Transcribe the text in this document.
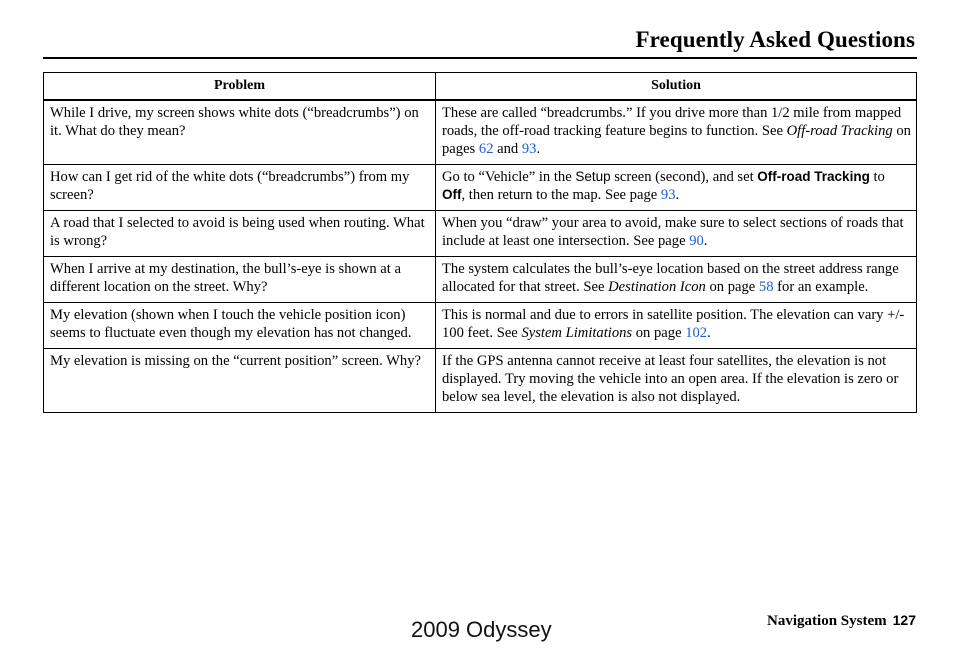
Frequently Asked Questions
Problem	Solution
While I drive, my screen shows white dots (“breadcrumbs”) on it. What do they mean?	These are called “breadcrumbs.” If you drive more than 1/2 mile from mapped roads, the off-road tracking feature begins to function. See Off-road Tracking on pages 62 and 93.
How can I get rid of the white dots (“breadcrumbs”) from my screen?	Go to “Vehicle” in the Setup screen (second), and set Off-road Tracking to Off, then return to the map. See page 93.
A road that I selected to avoid is being used when routing. What is wrong?	When you “draw” your area to avoid, make sure to select sections of roads that include at least one intersection. See page 90.
When I arrive at my destination, the bull’s-eye is shown at a different location on the street. Why?	The system calculates the bull’s-eye location based on the street address range allocated for that street. See Destination Icon on page 58 for an example.
My elevation (shown when I touch the vehicle position icon) seems to fluctuate even though my elevation has not changed.	This is normal and due to errors in satellite position. The elevation can vary +/- 100 feet. See System Limitations on page 102.
My elevation is missing on the “current position” screen. Why?	If the GPS antenna cannot receive at least four satellites, the elevation is not displayed. Try moving the vehicle into an open area. If the elevation is zero or below sea level, the elevation is also not displayed.
Navigation System 127
2009 Odyssey
